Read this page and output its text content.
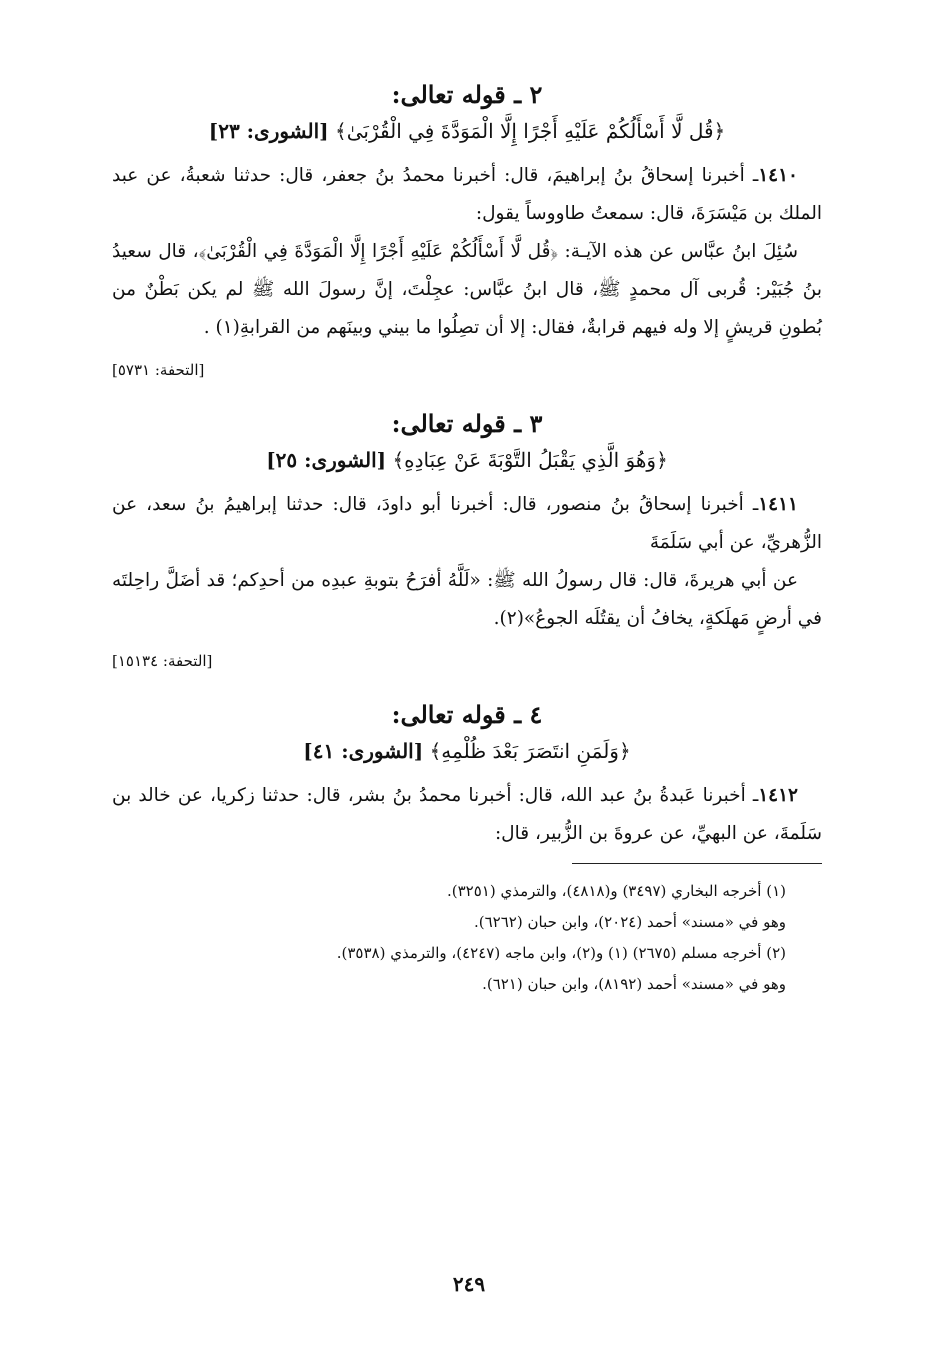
٢ ـ قوله تعالى:
﴿قُل لَّا أَسْأَلُكُمْ عَلَيْهِ أَجْرًا إِلَّا الْمَوَدَّةَ فِي الْقُرْبَىٰ﴾ [الشورى: ٢٣]

١٤١٠ـ أخبرنا إسحاقُ بنُ إبراهيمَ، قال: أخبرنا محمدُ بنُ جعفر، قال: حدثنا شعبةُ، عن عبد الملك بن مَيْسَرَةَ، قال: سمعتُ طاووساً يقول:

سُئِلَ ابنُ عبَّاس عن هذه الآيـة: ﴿قُل لَّا أَسْأَلُكُمْ عَلَيْهِ أَجْرًا إِلَّا الْمَوَدَّةَ فِي الْقُرْبَىٰ﴾، قال سعيدُ بنُ جُبَيْر: قُربى آل محمدٍ ﷺ، قال ابنُ عبَّاس: عجِلْتَ، إنَّ رسولَ الله ﷺ لم يكن بَطْنٌ من بُطونِ قريشٍ إلا وله فيهم قرابةٌ، فقال: إلا أن تصِلُوا ما بيني وبينَهم من القرابةِ(١) .

[التحفة: ٥٧٣١]
٣ ـ قوله تعالى:
﴿وَهُوَ الَّذِي يَقْبَلُ التَّوْبَةَ عَنْ عِبَادِهِ﴾ [الشورى: ٢٥]

١٤١١ـ أخبرنا إسحاقُ بنُ منصور، قال: أخبرنا أبو داودَ، قال: حدثنا إبراهيمُ بنُ سعد، عن الزُّهريِّ، عن أبي سَلَمَةَ

عن أبي هريرةَ، قال: قال رسولُ الله ﷺ: «لَلَّهُ أفرَحُ بتوبةِ عبدِه من أحدِكم؛ قد أضَلَّ راحِلتَه في أرضٍ مَهلَكةٍ، يخافُ أن يقتُلَه الجوعُ»(٢).

[التحفة: ١٥١٣٤]
٤ ـ قوله تعالى:
﴿وَلَمَنِ انتَصَرَ بَعْدَ ظُلْمِهِ﴾ [الشورى: ٤١]

١٤١٢ـ أخبرنا عَبدةُ بنُ عبد الله، قال: أخبرنا محمدُ بنُ بشر، قال: حدثنا زكريا، عن خالد بن سَلَمةَ، عن البهيِّ، عن عروةَ بن الزُّبير، قال:

(١) أخرجه البخاري (٣٤٩٧) و(٤٨١٨)، والترمذي (٣٢٥١).

وهو في «مسند» أحمد (٢٠٢٤)، وابن حبان (٦٢٦٢).

(٢) أخرجه مسلم (٢٦٧٥) (١) و(٢)، وابن ماجه (٤٢٤٧)، والترمذي (٣٥٣٨).

وهو في «مسند» أحمد (٨١٩٢)، وابن حبان (٦٢١).

٢٤٩
